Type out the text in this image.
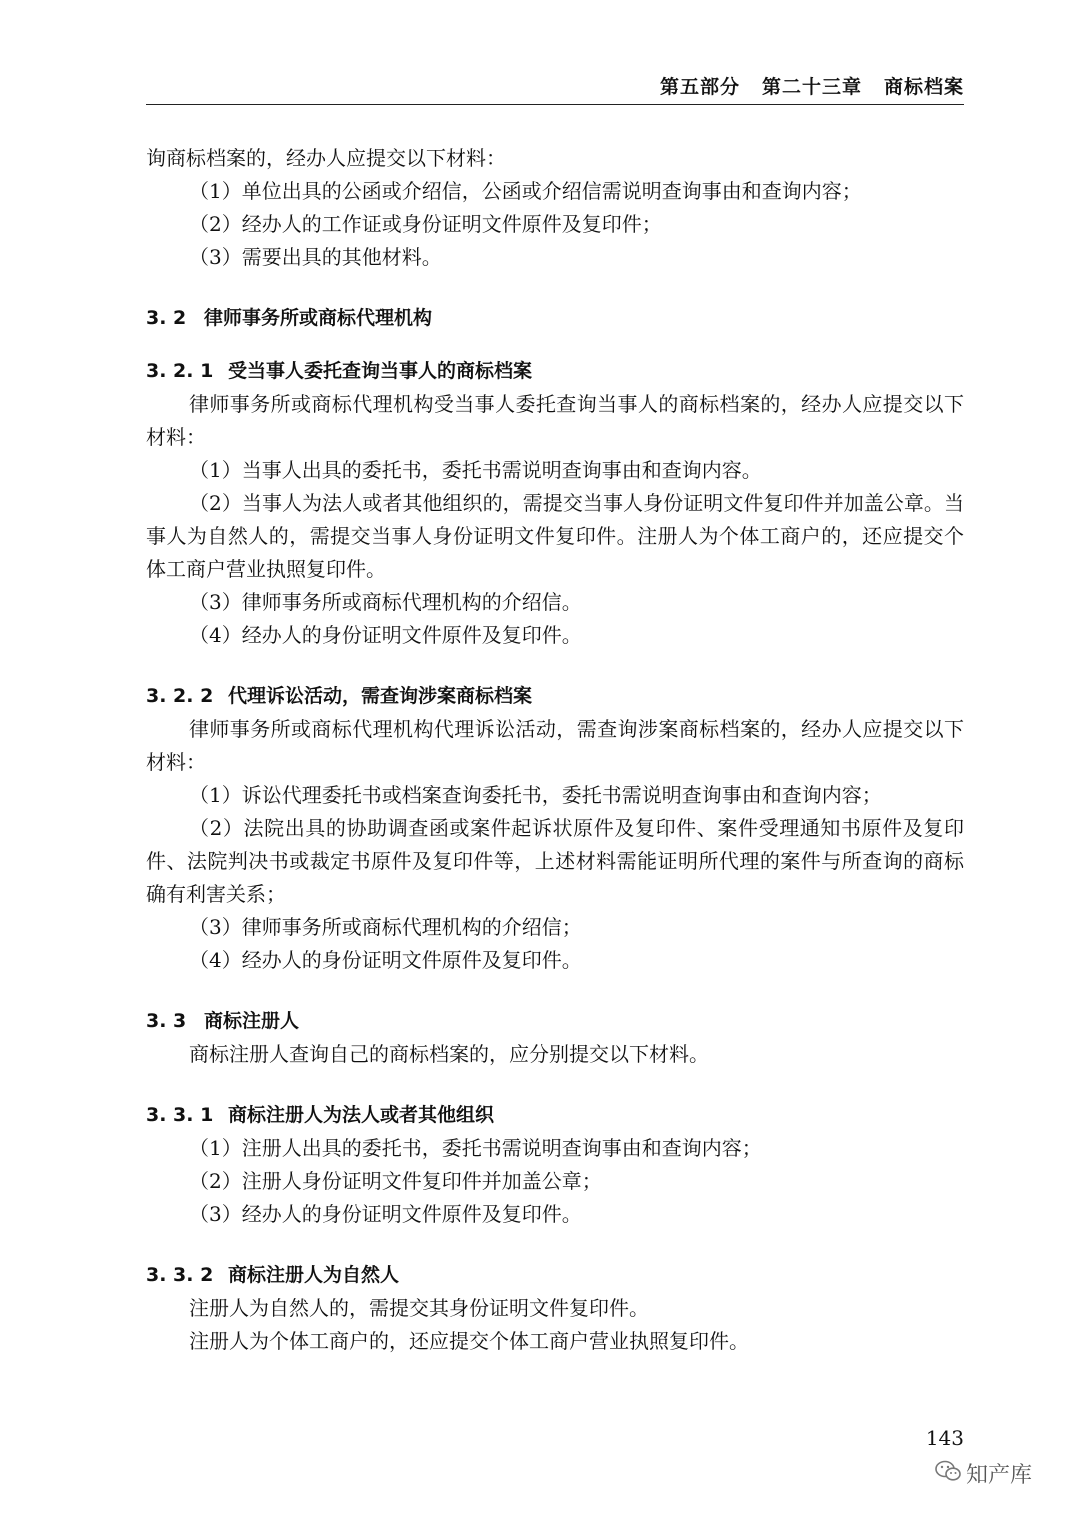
第五部分 第二十三章 商标档案

询商标档案的，经办人应提交以下材料：

（1）单位出具的公函或介绍信，公函或介绍信需说明查询事由和查询内容；

（2）经办人的工作证或身份证明文件原件及复印件；

（3）需要出具的其他材料。

3. 2 律师事务所或商标代理机构

3. 2. 1 受当事人委托查询当事人的商标档案

律师事务所或商标代理机构受当事人委托查询当事人的商标档案的，经办人应提交以下材料：

（1）当事人出具的委托书，委托书需说明查询事由和查询内容。

（2）当事人为法人或者其他组织的，需提交当事人身份证明文件复印件并加盖公章。当事人为自然人的，需提交当事人身份证明文件复印件。注册人为个体工商户的，还应提交个体工商户营业执照复印件。

（3）律师事务所或商标代理机构的介绍信。

（4）经办人的身份证明文件原件及复印件。

3. 2. 2 代理诉讼活动，需查询涉案商标档案

律师事务所或商标代理机构代理诉讼活动，需查询涉案商标档案的，经办人应提交以下材料：

（1）诉讼代理委托书或档案查询委托书，委托书需说明查询事由和查询内容；

（2）法院出具的协助调查函或案件起诉状原件及复印件、案件受理通知书原件及复印件、法院判决书或裁定书原件及复印件等，上述材料需能证明所代理的案件与所查询的商标确有利害关系；

（3）律师事务所或商标代理机构的介绍信；

（4）经办人的身份证明文件原件及复印件。

3. 3 商标注册人

商标注册人查询自己的商标档案的，应分别提交以下材料。

3. 3. 1 商标注册人为法人或者其他组织

（1）注册人出具的委托书，委托书需说明查询事由和查询内容；

（2）注册人身份证明文件复印件并加盖公章；

（3）经办人的身份证明文件原件及复印件。

3. 3. 2 商标注册人为自然人

注册人为自然人的，需提交其身份证明文件复印件。

注册人为个体工商户的，还应提交个体工商户营业执照复印件。

143
知产库
